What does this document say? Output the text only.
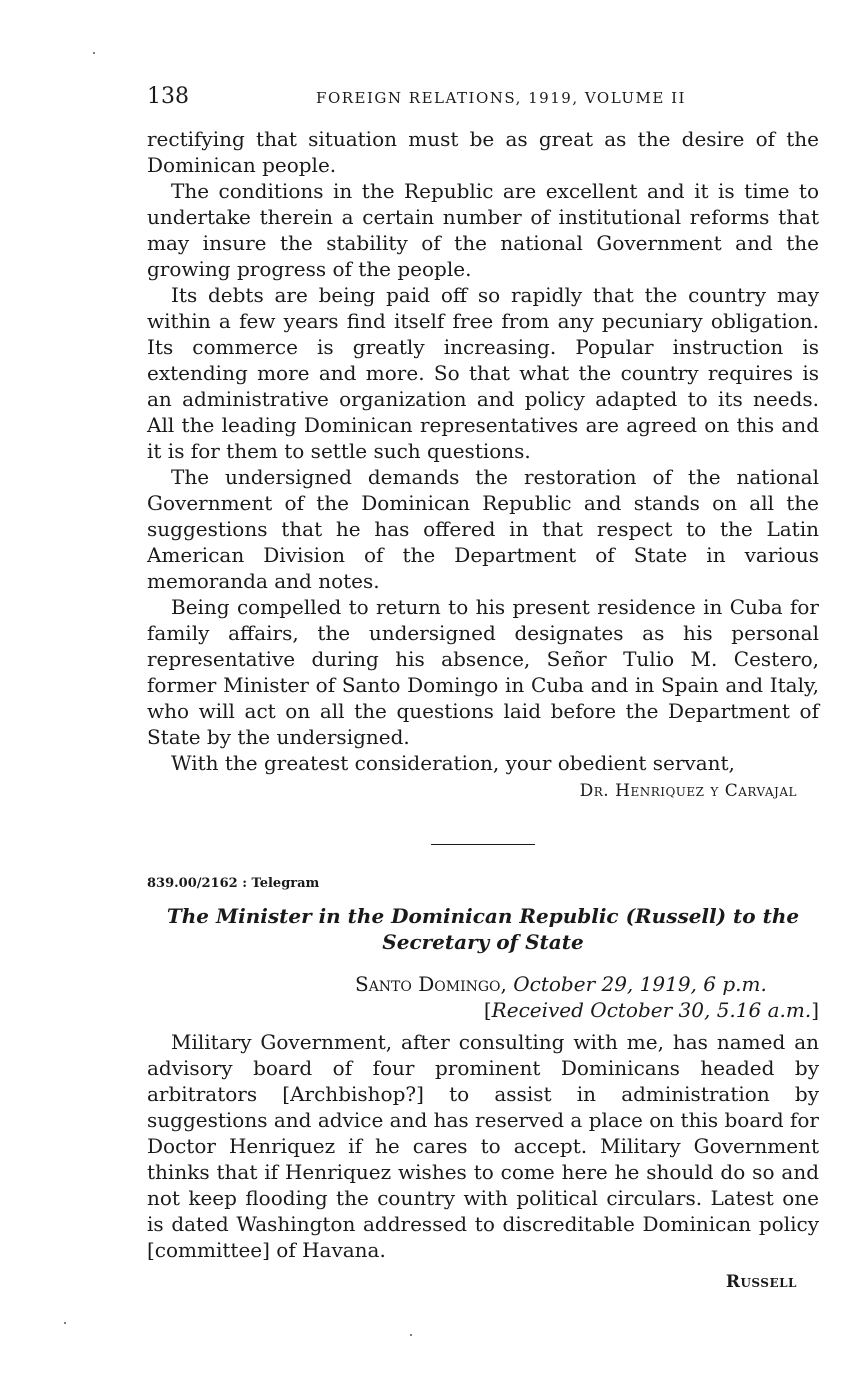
138	FOREIGN RELATIONS, 1919, VOLUME II

rectifying that situation must be as great as the desire of the Dominican people.

The conditions in the Republic are excellent and it is time to undertake therein a certain number of institutional reforms that may insure the stability of the national Government and the growing progress of the people.

Its debts are being paid off so rapidly that the country may within a few years find itself free from any pecuniary obligation. Its commerce is greatly increasing. Popular instruction is extending more and more. So that what the country requires is an administrative organization and policy adapted to its needs. All the leading Dominican representatives are agreed on this and it is for them to settle such questions.

The undersigned demands the restoration of the national Government of the Dominican Republic and stands on all the suggestions that he has offered in that respect to the Latin American Division of the Department of State in various memoranda and notes.

Being compelled to return to his present residence in Cuba for family affairs, the undersigned designates as his personal representative during his absence, Señor Tulio M. Cestero, former Minister of Santo Domingo in Cuba and in Spain and Italy, who will act on all the questions laid before the Department of State by the undersigned.

With the greatest consideration, your obedient servant,

Dr. Henriquez y Carvajal
839.00/2162 : Telegram
The Minister in the Dominican Republic (Russell) to the Secretary of State
Santo Domingo, October 29, 1919, 6 p.m.
[Received October 30, 5.16 a.m.]

Military Government, after consulting with me, has named an advisory board of four prominent Dominicans headed by arbitrators [Archbishop?] to assist in administration by suggestions and advice and has reserved a place on this board for Doctor Henriquez if he cares to accept. Military Government thinks that if Henriquez wishes to come here he should do so and not keep flooding the country with political circulars. Latest one is dated Washington addressed to discreditable Dominican policy [committee] of Havana.

Russell
